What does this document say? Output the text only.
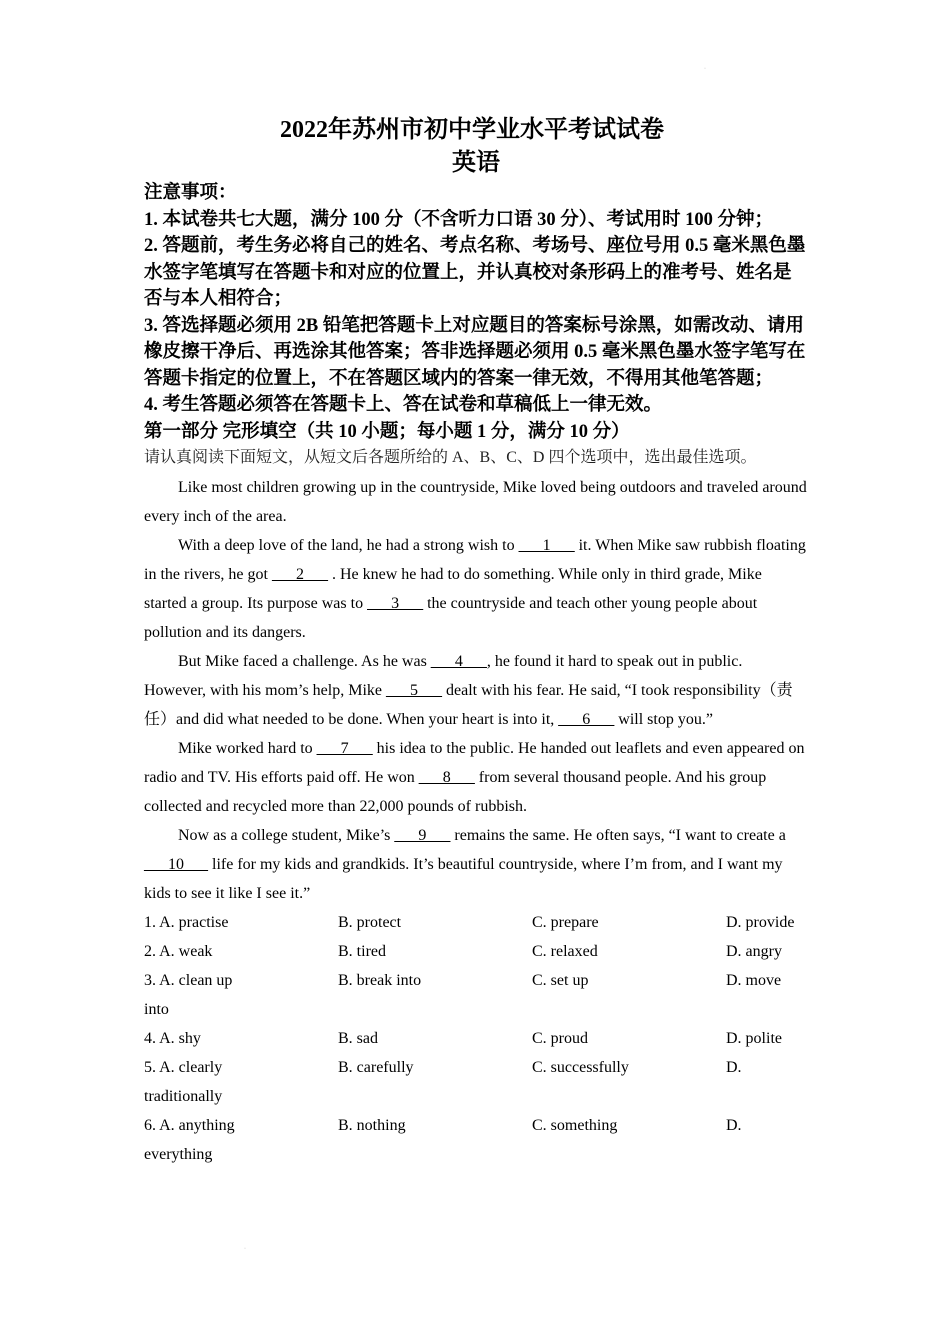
·
·
2022年苏州市初中学业水平考试试卷
英语
注意事项：
1. 本试卷共七大题，满分 100 分（不含听力口语 30 分）、考试用时 100 分钟；
2. 答题前，考生务必将自己的姓名、考点名称、考场号、座位号用 0.5 毫米黑色墨水签字笔填写在答题卡和对应的位置上，并认真校对条形码上的准考号、姓名是否与本人相符合；
3. 答选择题必须用 2B 铅笔把答题卡上对应题目的答案标号涂黑，如需改动、请用橡皮擦干净后、再选涂其他答案；答非选择题必须用 0.5 毫米黑色墨水签字笔写在答题卡指定的位置上，不在答题区域内的答案一律无效，不得用其他笔答题；
4. 考生答题必须答在答题卡上、答在试卷和草稿低上一律无效。
第一部分 完形填空（共 10 小题；每小题 1 分，满分 10 分）
请认真阅读下面短文，从短文后各题所给的 A、B、C、D 四个选项中，选出最佳选项。

Like most children growing up in the countryside, Mike loved being outdoors and traveled around every inch of the area.

With a deep love of the land, he had a strong wish to ___1___ it. When Mike saw rubbish floating in the rivers, he got ___2___ . He knew he had to do something. While only in third grade, Mike started a group. Its purpose was to ___3___ the countryside and teach other young people about pollution and its dangers.

But Mike faced a challenge. As he was ___4___, he found it hard to speak out in public. However, with his mom’s help, Mike ___5___ dealt with his fear. He said, “I took responsibility（责任）and did what needed to be done. When your heart is into it, ___6___ will stop you.”

Mike worked hard to ___7___ his idea to the public. He handed out leaflets and even appeared on radio and TV. His efforts paid off. He won ___8___ from several thousand people. And his group collected and recycled more than 22,000 pounds of rubbish.

Now as a college student, Mike’s ___9___ remains the same. He often says, “I want to create a ___10___ life for my kids and grandkids. It’s beautiful countryside, where I’m from, and I want my kids to see it like I see it.”

1. A. practise	B. protect	C. prepare	D. provide
2. A. weak	B. tired	C. relaxed	D. angry
3. A. clean up	B. break into	C. set up	D. move
into
4. A. shy	B. sad	C. proud	D. polite
5. A. clearly	B. carefully	C. successfully	D.
traditionally
6. A. anything	B. nothing	C. something	D.
everything
